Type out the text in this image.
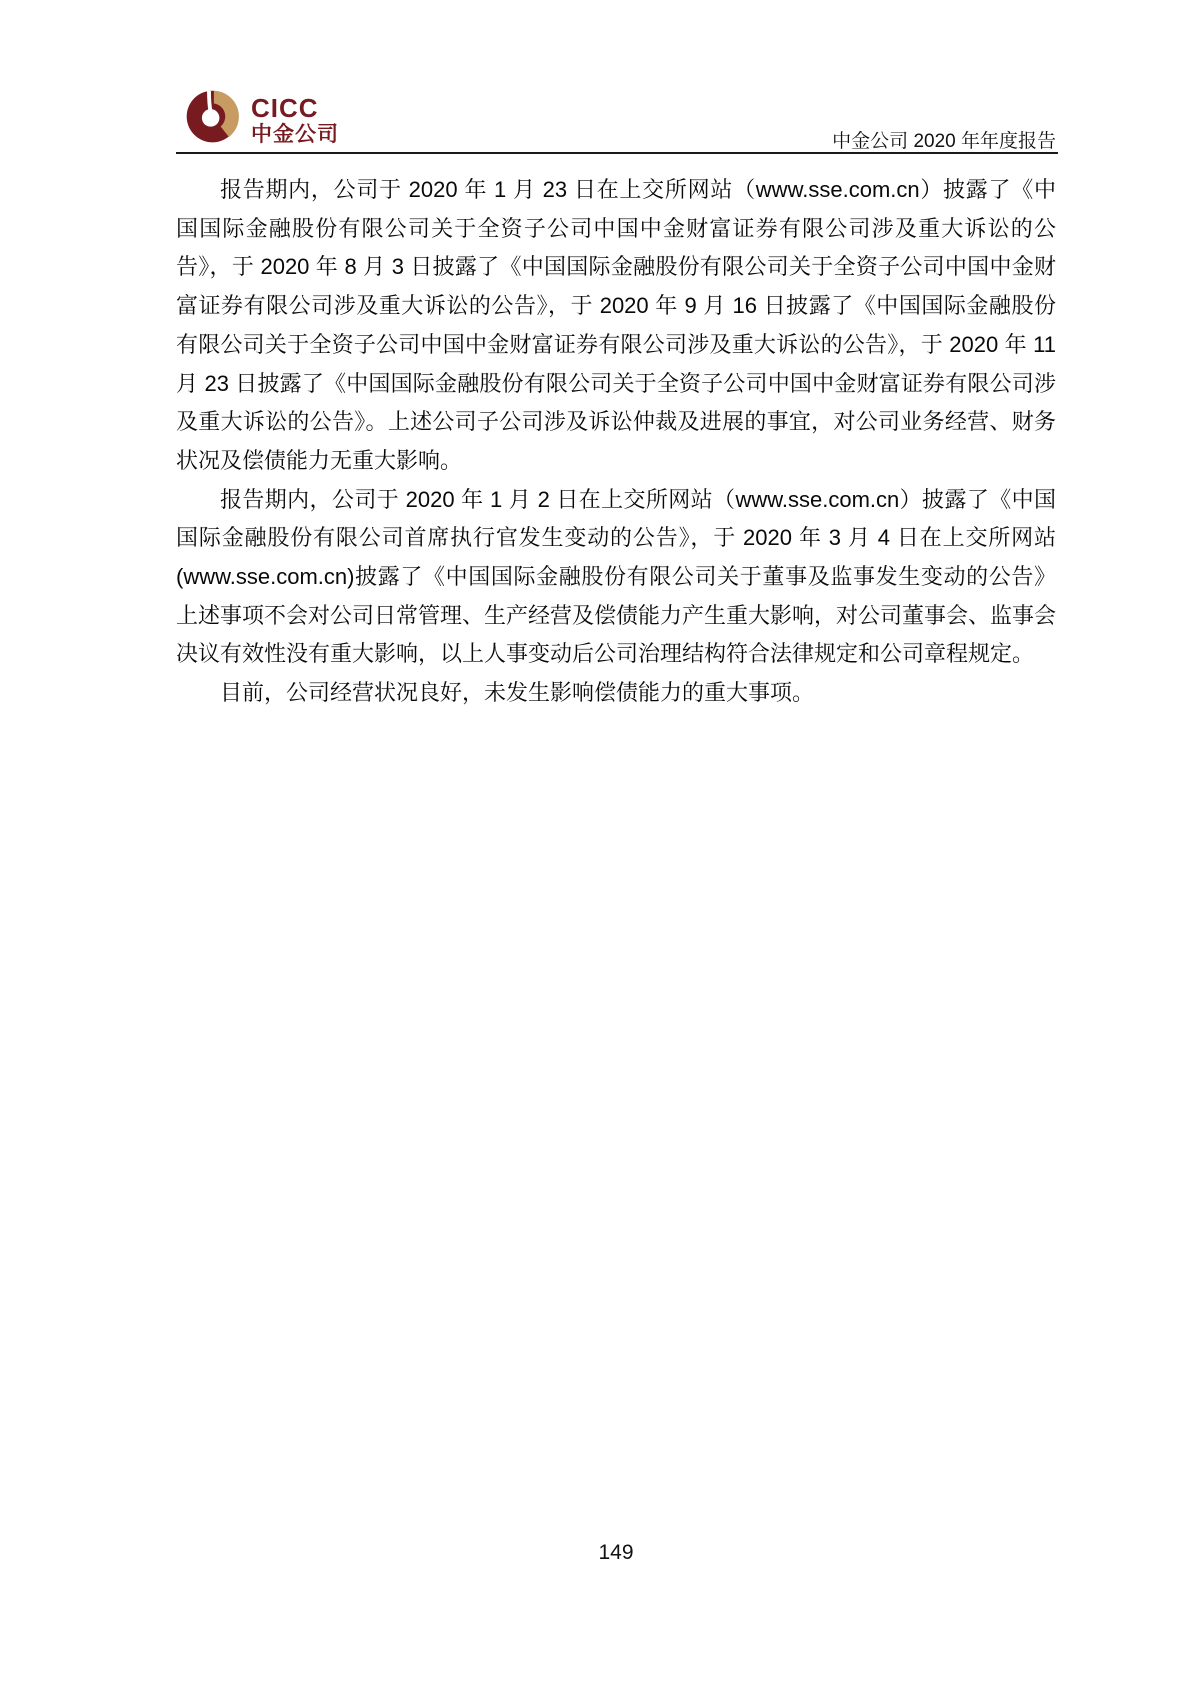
CICC
中金公司	中金公司 2020 年年度报告

报告期内，公司于 2020 年 1 月 23 日在上交所网站（www.sse.com.cn）披露了《中国国际金融股份有限公司关于全资子公司中国中金财富证券有限公司涉及重大诉讼的公告》，于 2020 年 8 月 3 日披露了《中国国际金融股份有限公司关于全资子公司中国中金财富证券有限公司涉及重大诉讼的公告》，于 2020 年 9 月 16 日披露了《中国国际金融股份有限公司关于全资子公司中国中金财富证券有限公司涉及重大诉讼的公告》，于 2020 年 11 月 23 日披露了《中国国际金融股份有限公司关于全资子公司中国中金财富证券有限公司涉及重大诉讼的公告》。上述公司子公司涉及诉讼仲裁及进展的事宜，对公司业务经营、财务状况及偿债能力无重大影响。

报告期内，公司于 2020 年 1 月 2 日在上交所网站（www.sse.com.cn）披露了《中国国际金融股份有限公司首席执行官发生变动的公告》，于 2020 年 3 月 4 日在上交所网站(www.sse.com.cn)披露了《中国国际金融股份有限公司关于董事及监事发生变动的公告》上述事项不会对公司日常管理、生产经营及偿债能力产生重大影响，对公司董事会、监事会决议有效性没有重大影响，以上人事变动后公司治理结构符合法律规定和公司章程规定。

目前，公司经营状况良好，未发生影响偿债能力的重大事项。

149
